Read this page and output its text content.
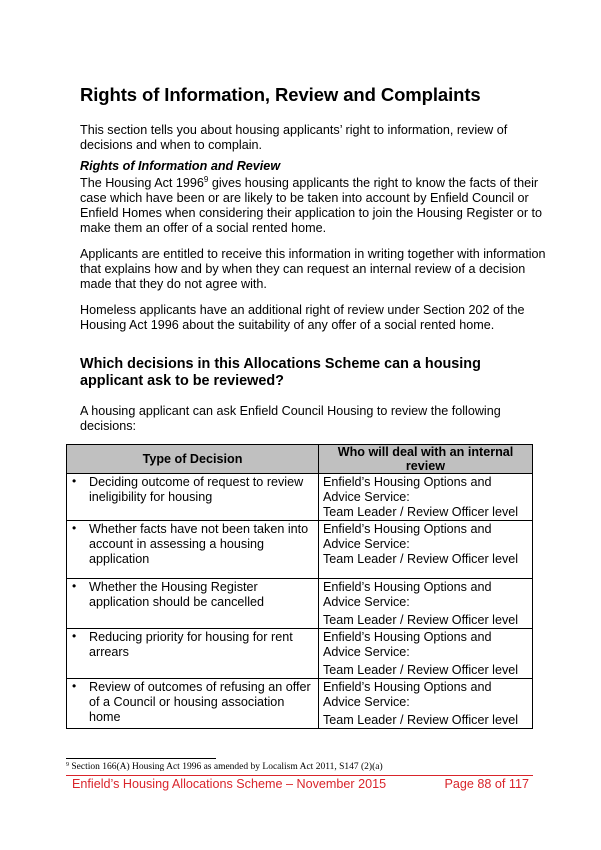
Rights of Information, Review and Complaints
This section tells you about housing applicants’ right to information, review of decisions and when to complain.
Rights of Information and Review
The Housing Act 1996$^9$ gives housing applicants the right to know the facts of their case which have been or are likely to be taken into account by Enfield Council or Enfield Homes when considering their application to join the Housing Register or to make them an offer of a social rented home.
Applicants are entitled to receive this information in writing together with information that explains how and by when they can request an internal review of a decision made that they do not agree with.
Homeless applicants have an additional right of review under Section 202 of the Housing Act 1996 about the suitability of any offer of a social rented home.
Which decisions in this Allocations Scheme can a housing applicant ask to be reviewed?
A housing applicant can ask Enfield Council Housing to review the following decisions:
Type of Decision	Who will deal with an internal review

• Deciding outcome of request to review ineligibility for housing	Enfield’s Housing Options and Advice Service:
Team Leader / Review Officer level

• Whether facts have not been taken into account in assessing a housing application	Enfield’s Housing Options and Advice Service:
Team Leader / Review Officer level

• Whether the Housing Register application should be cancelled	Enfield’s Housing Options and Advice Service:
Team Leader / Review Officer level

• Reducing priority for housing for rent arrears	Enfield’s Housing Options and Advice Service:
Team Leader / Review Officer level

• Review of outcomes of refusing an offer of a Council or housing association home	Enfield’s Housing Options and Advice Service:
Team Leader / Review Officer level
$^9$ Section 166(A) Housing Act 1996 as amended by Localism Act 2011, S147 (2)(a)
Enfield’s Housing Allocations Scheme – November 2015	Page 88 of 117
